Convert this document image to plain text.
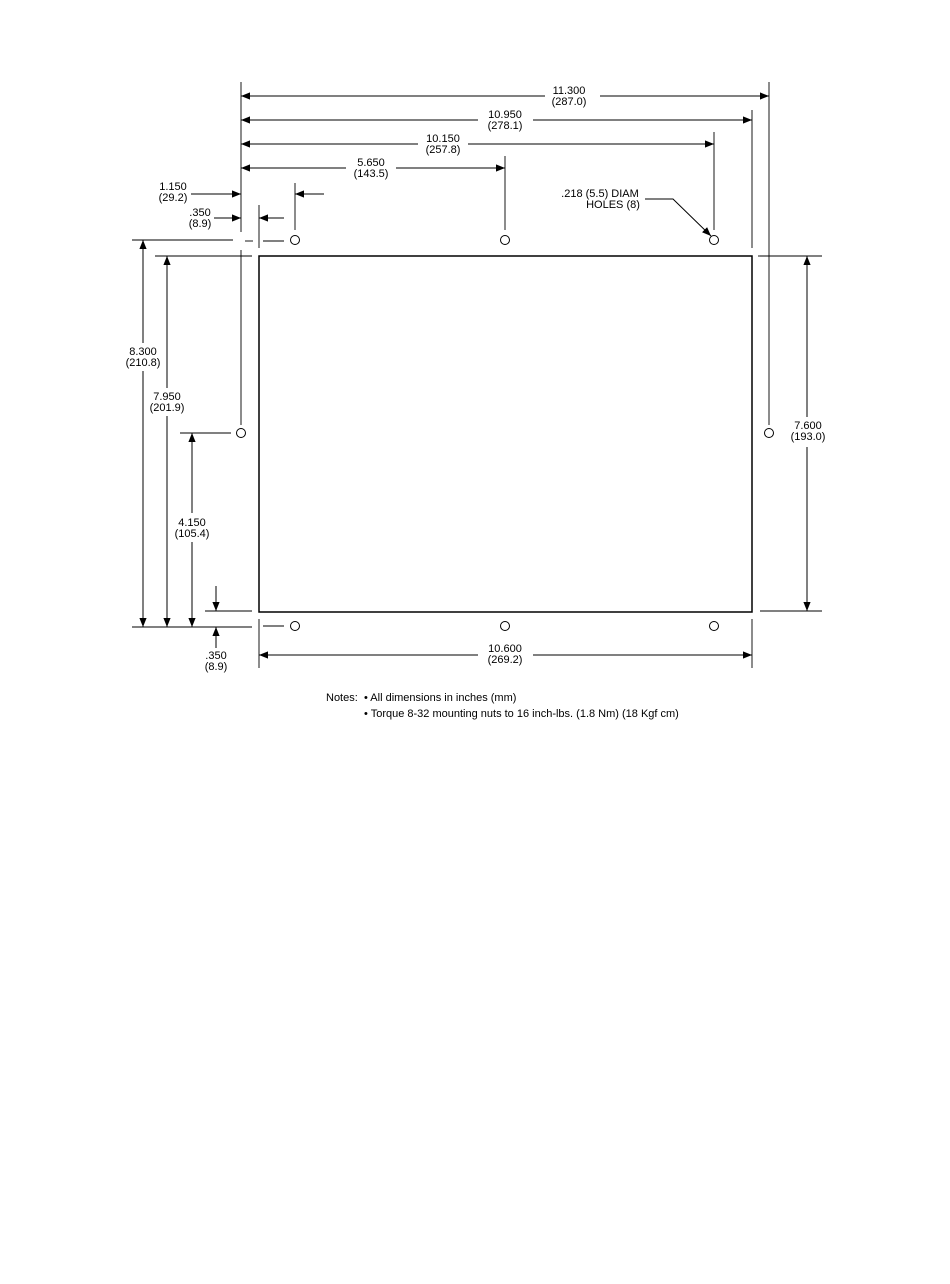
11.300
(287.0)
10.950
(278.1)
10.150
(257.8)
5.650
(143.5)
1.150
(29.2)
.350
(8.9)
.218 (5.5) DIAM
HOLES (8)
8.300
(210.8)
7.950
(201.9)
4.150
(105.4)
.350
(8.9)
7.600
(193.0)
10.600
(269.2)
Notes: • All dimensions in inches (mm)
• Torque 8-32 mounting nuts to 16 inch-lbs. (1.8 Nm) (18 Kgf cm)
